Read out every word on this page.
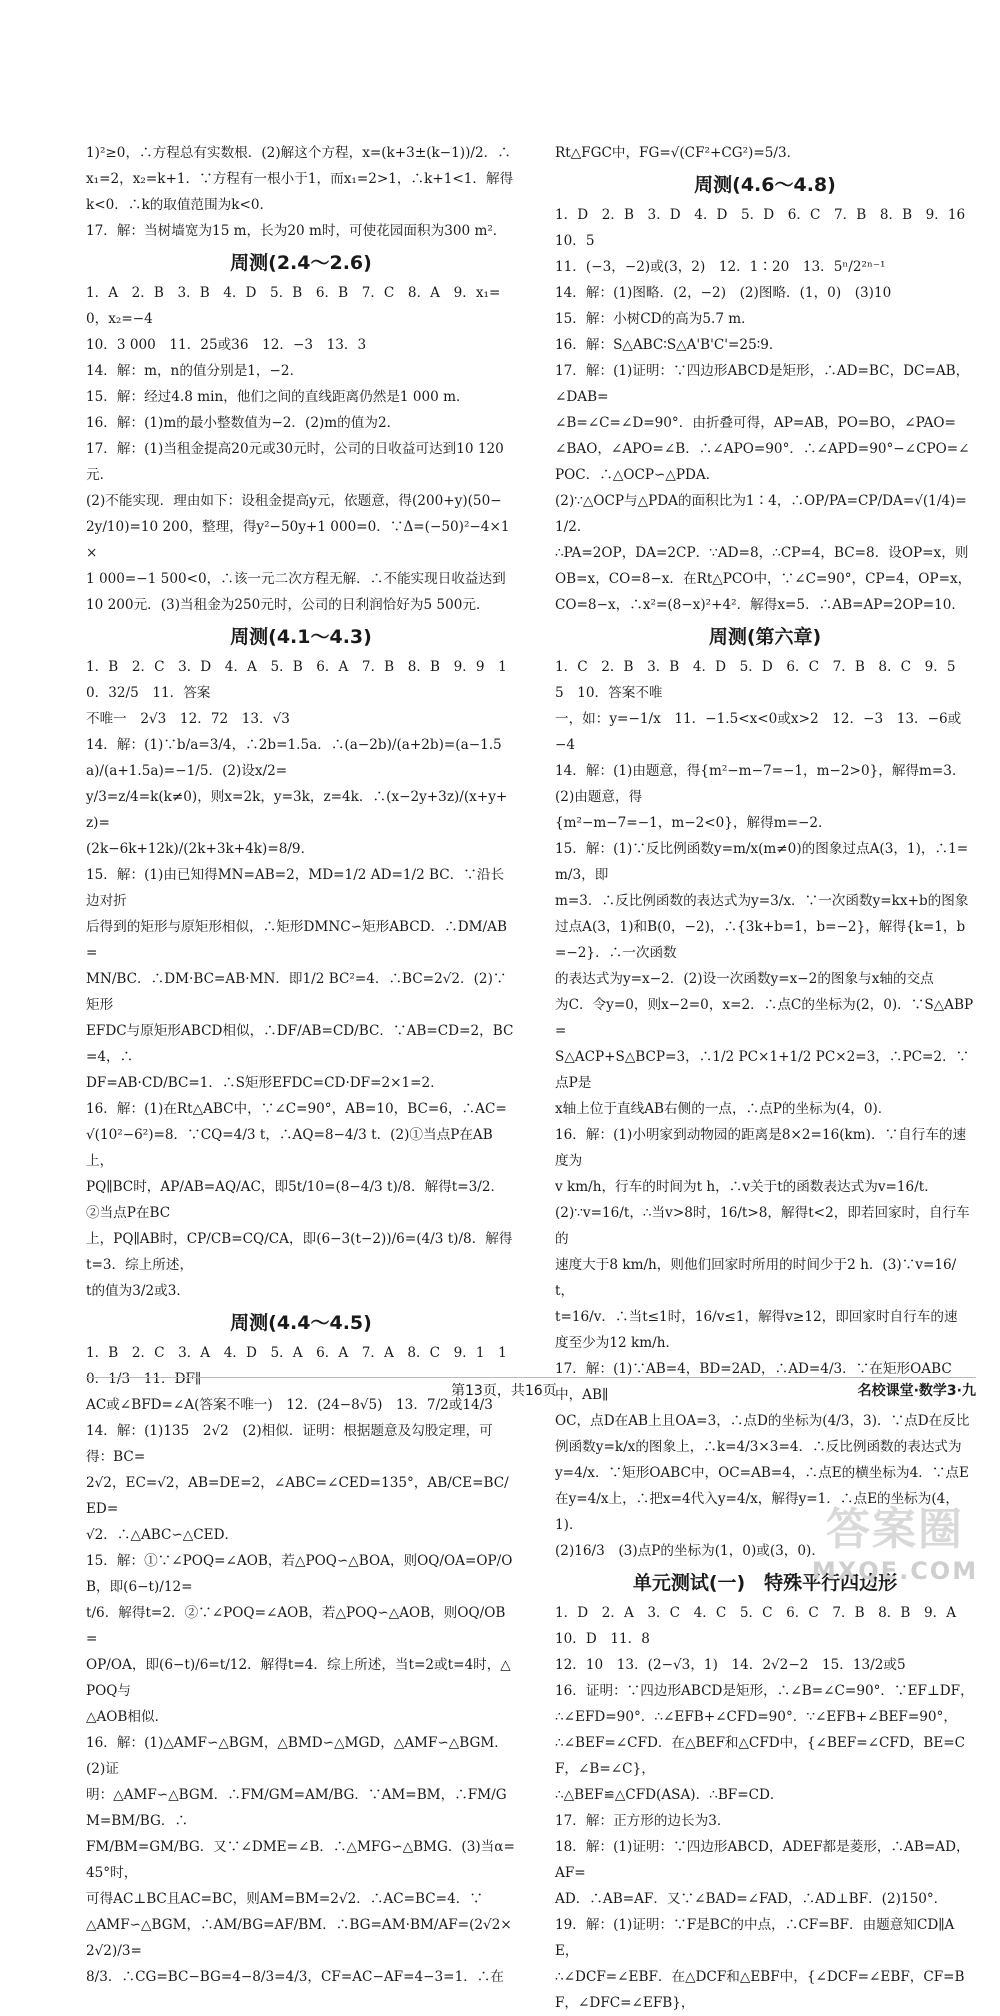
1)²≥0，∴方程总有实数根．(2)解这个方程，x=(k+3±(k−1))/2．∴

x₁=2，x₂=k+1．∵方程有一根小于1，而x₁=2>1，∴k+1<1．解得

k<0．∴k的取值范围为k<0．

17．解：当树墙宽为15 m，长为20 m时，可使花园面积为300 m²．

周测(2.4～2.6)

1．A　2．B　3．B　4．D　5．B　6．B　7．C　8．A　9．x₁=0，x₂=−4

10．3 000　11．25或36　12．−3　13．3

14．解：m，n的值分别是1，−2．

15．解：经过4.8 min，他们之间的直线距离仍然是1 000 m．

16．解：(1)m的最小整数值为−2．(2)m的值为2．

17．解：(1)当租金提高20元或30元时，公司的日收益可达到10 120元．

(2)不能实现．理由如下：设租金提高y元，依题意，得(200+y)(50−

2y/10)=10 200，整理，得y²−50y+1 000=0．∵Δ=(−50)²−4×1×

1 000=−1 500<0，∴该一元二次方程无解．∴不能实现日收益达到

10 200元．(3)当租金为250元时，公司的日利润恰好为5 500元．

周测(4.1～4.3)

1．B　2．C　3．D　4．A　5．B　6．A　7．B　8．B　9．9　10．32/5　11．答案

不唯一　2√3　12．72　13．√3

14．解：(1)∵b/a=3/4，∴2b=1.5a．∴(a−2b)/(a+2b)=(a−1.5a)/(a+1.5a)=−1/5．(2)设x/2=

y/3=z/4=k(k≠0)，则x=2k，y=3k，z=4k．∴(x−2y+3z)/(x+y+z)=

(2k−6k+12k)/(2k+3k+4k)=8/9．

15．解：(1)由已知得MN=AB=2，MD=1/2 AD=1/2 BC．∵沿长边对折

后得到的矩形与原矩形相似，∴矩形DMNC∽矩形ABCD．∴DM/AB=

MN/BC．∴DM·BC=AB·MN．即1/2 BC²=4．∴BC=2√2．(2)∵矩形

EFDC与原矩形ABCD相似，∴DF/AB=CD/BC．∵AB=CD=2，BC=4，∴

DF=AB·CD/BC=1．∴S矩形EFDC=CD·DF=2×1=2．

16．解：(1)在Rt△ABC中，∵∠C=90°，AB=10，BC=6，∴AC=

√(10²−6²)=8．∵CQ=4/3 t，∴AQ=8−4/3 t．(2)①当点P在AB上，

PQ∥BC时，AP/AB=AQ/AC，即5t/10=(8−4/3 t)/8．解得t=3/2．②当点P在BC

上，PQ∥AB时，CP/CB=CQ/CA，即(6−3(t−2))/6=(4/3 t)/8．解得t=3．综上所述，

t的值为3/2或3．

周测(4.4～4.5)

1．B　2．C　3．A　4．D　5．A　6．A　7．A　8．C　9．1　10．1/3　11．DF∥

AC或∠BFD=∠A(答案不唯一)　12．(24−8√5)　13．7/2或14/3

14．解：(1)135　2√2　(2)相似．证明：根据题意及勾股定理，可得：BC=

2√2，EC=√2，AB=DE=2，∠ABC=∠CED=135°，AB/CE=BC/ED=

√2．∴△ABC∽△CED．

15．解：①∵∠POQ=∠AOB，若△POQ∽△BOA，则OQ/OA=OP/OB，即(6−t)/12=

t/6．解得t=2．②∵∠POQ=∠AOB，若△POQ∽△AOB，则OQ/OB=

OP/OA，即(6−t)/6=t/12．解得t=4．综上所述，当t=2或t=4时，△POQ与

△AOB相似．

16．解：(1)△AMF∽△BGM，△BMD∽△MGD，△AMF∽△BGM．(2)证

明：△AMF∽△BGM．∴FM/GM=AM/BG．∵AM=BM，∴FM/GM=BM/BG．∴

FM/BM=GM/BG．又∵∠DME=∠B．∴△MFG∽△BMG．(3)当α=45°时，

可得AC⊥BC且AC=BC，则AM=BM=2√2．∴AC=BC=4．∵

△AMF∽△BGM，∴AM/BG=AF/BM．∴BG=AM·BM/AF=(2√2×2√2)/3=

8/3．∴CG=BC−BG=4−8/3=4/3，CF=AC−AF=4−3=1．∴在

Rt△FGC中，FG=√(CF²+CG²)=5/3．

周测(4.6～4.8)

1．D　2．B　3．D　4．D　5．D　6．C　7．B　8．B　9．16　10．5

11．(−3，−2)或(3，2)　12．1∶20　13．5ⁿ/2²ⁿ⁻¹

14．解：(1)图略．(2，−2)　(2)图略．(1，0)　(3)10

15．解：小树CD的高为5.7 m．

16．解：S△ABC∶S△A'B'C'=25∶9．

17．解：(1)证明：∵四边形ABCD是矩形，∴AD=BC，DC=AB，∠DAB=

∠B=∠C=∠D=90°．由折叠可得，AP=AB，PO=BO，∠PAO=

∠BAO，∠APO=∠B．∴∠APO=90°．∴∠APD=90°−∠CPO=∠POC．∴△OCP∽△PDA．

(2)∵△OCP与△PDA的面积比为1∶4，∴OP/PA=CP/DA=√(1/4)=1/2．

∴PA=2OP，DA=2CP．∵AD=8，∴CP=4，BC=8．设OP=x，则

OB=x，CO=8−x．在Rt△PCO中，∵∠C=90°，CP=4，OP=x，

CO=8−x，∴x²=(8−x)²+4²．解得x=5．∴AB=AP=2OP=10．

周测(第六章)

1．C　2．B　3．B　4．D　5．D　6．C　7．B　8．C　9．5　5　10．答案不唯

一，如：y=−1/x　11．−1.5<x<0或x>2　12．−3　13．−6或−4

14．解：(1)由题意，得{m²−m−7=−1，m−2>0}，解得m=3．(2)由题意，得

{m²−m−7=−1，m−2<0}，解得m=−2．

15．解：(1)∵反比例函数y=m/x(m≠0)的图象过点A(3，1)，∴1=m/3，即

m=3．∴反比例函数的表达式为y=3/x．∵一次函数y=kx+b的图象

过点A(3，1)和B(0，−2)，∴{3k+b=1，b=−2}，解得{k=1，b=−2}．∴一次函数

的表达式为y=x−2．(2)设一次函数y=x−2的图象与x轴的交点

为C．令y=0，则x−2=0，x=2．∴点C的坐标为(2，0)．∵S△ABP=

S△ACP+S△BCP=3，∴1/2 PC×1+1/2 PC×2=3，∴PC=2．∵点P是

x轴上位于直线AB右侧的一点，∴点P的坐标为(4，0)．

16．解：(1)小明家到动物园的距离是8×2=16(km)．∵自行车的速度为

v km/h，行车的时间为t h，∴v关于t的函数表达式为v=16/t．

(2)∵v=16/t，∴当v>8时，16/t>8，解得t<2，即若回家时，自行车的

速度大于8 km/h，则他们回家时所用的时间少于2 h．(3)∵v=16/t，

t=16/v．∴当t≤1时，16/v≤1，解得v≥12，即回家时自行车的速

度至少为12 km/h．

17．解：(1)∵AB=4，BD=2AD，∴AD=4/3．∵在矩形OABC中，AB∥

OC，点D在AB上且OA=3，∴点D的坐标为(4/3，3)．∵点D在反比

例函数y=k/x的图象上，∴k=4/3×3=4．∴反比例函数的表达式为

y=4/x．∵矩形OABC中，OC=AB=4，∴点E的横坐标为4．∵点E

在y=4/x上，∴把x=4代入y=4/x，解得y=1．∴点E的坐标为(4，1)．

(2)16/3　(3)点P的坐标为(1，0)或(3，0)．

单元测试(一)　特殊平行四边形

1．D　2．A　3．C　4．C　5．C　6．C　7．B　8．B　9．A　10．D　11．8

12．10　13．(2−√3，1)　14．2√2−2　15．13/2或5

16．证明：∵四边形ABCD是矩形，∴∠B=∠C=90°．∵EF⊥DF，

∴∠EFD=90°．∴∠EFB+∠CFD=90°．∵∠EFB+∠BEF=90°，

∴∠BEF=∠CFD．在△BEF和△CFD中，{∠BEF=∠CFD，BE=CF，∠B=∠C}，

∴△BEF≌△CFD(ASA)．∴BF=CD．

17．解：正方形的边长为3．

18．解：(1)证明：∵四边形ABCD，ADEF都是菱形，∴AB=AD，AF=

AD．∴AB=AF．又∵∠BAD=∠FAD，∴AD⊥BF．(2)150°．

19．解：(1)证明：∵F是BC的中点，∴CF=BF．由题意知CD∥AE，

∴∠DCF=∠EBF．在△DCF和△EBF中，{∠DCF=∠EBF，CF=BF，∠DFC=∠EFB}，

第13页，共16页	名校课堂·数学3·九
答案圈
MXQE.COM
